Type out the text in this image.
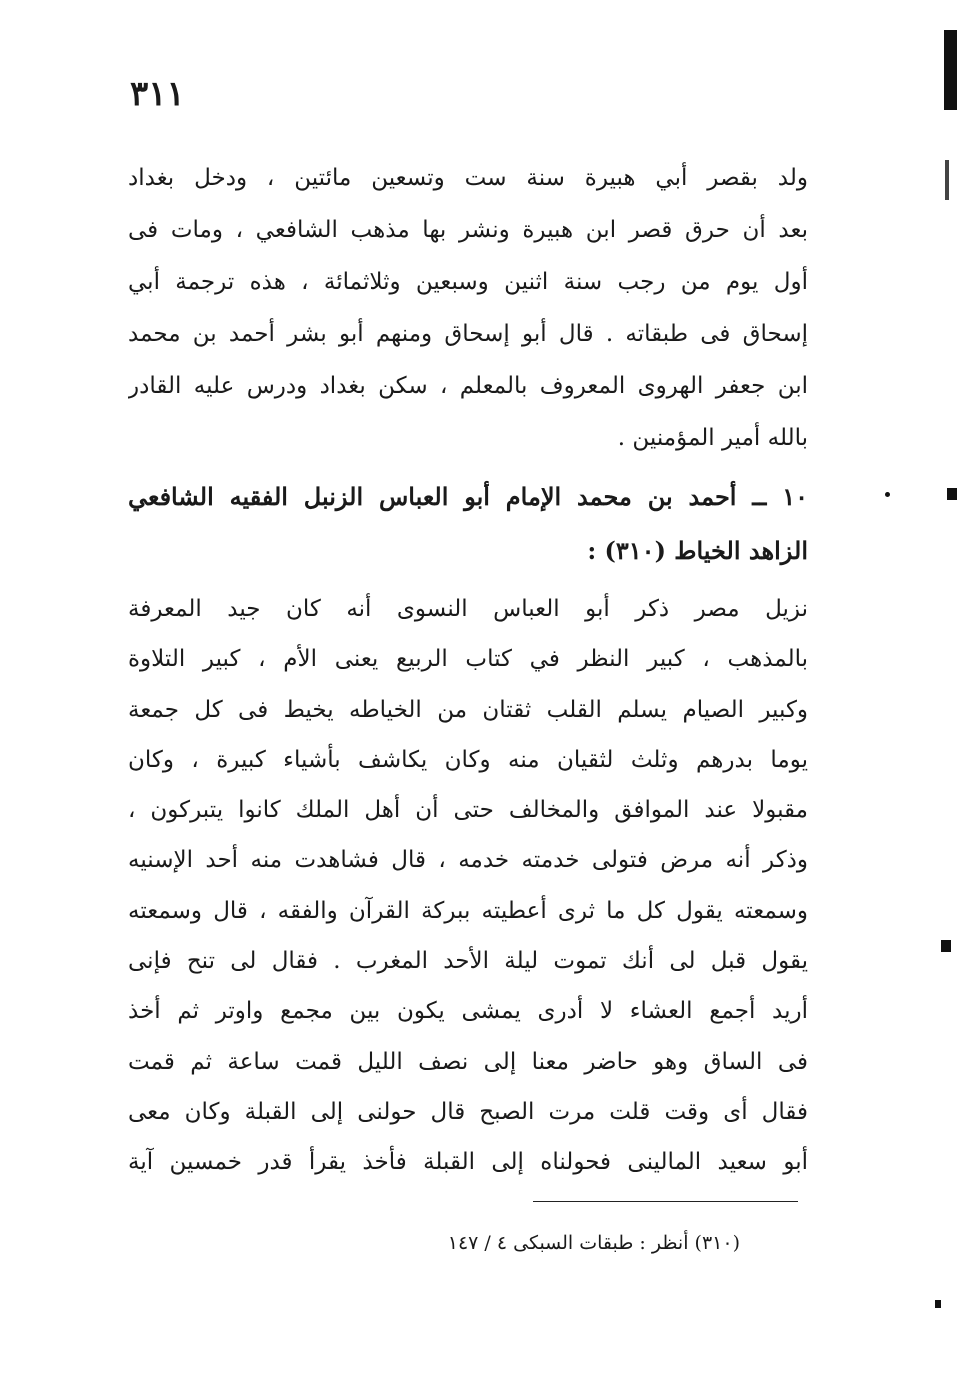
٣١١
ولد بقصر أبي هبيرة سنة ست وتسعين مائتين ، ودخل بغداد
بعد أن حرق قصر ابن هبيرة ونشر بها مذهب الشافعي ، ومات فى
أول يوم من رجب سنة اثنين وسبعين وثلاثمائة ، هذه ترجمة أبي
إسحاق فى طبقاته . قال أبو إسحاق ومنهم أبو بشر أحمد بن محمد
ابن جعفر الهروى المعروف بالمعلم ، سكن بغداد ودرس عليه القادر
بالله أمير المؤمنين .
١٠ ــ أحمد بن محمد الإمام أبو العباس الزنبل الفقيه الشافعي
الزاهد الخياط (٣١٠) :
نزيل مصر ذكر أبو العباس النسوى أنه كان جيد المعرفة
بالمذهب ، كبير النظر في كتاب الربيع يعنى الأم ، كبير التلاوة
وكبير الصيام يسلم القلب ثقتان من الخياطه يخيط فى كل جمعة
يوما بدرهم وثلث لثقيان منه وكان يكاشف بأشياء كبيرة ، وكان
مقبولا عند الموافق والمخالف حتى أن أهل الملك كانوا يتبركون ،
وذكر أنه مرض فتولى خدمته خدمه ، قال فشاهدت منه أحد الإسنيه
وسمعته يقول كل ما ثرى أعطيته ببركة القرآن والفقه ، قال وسمعته
يقول قبل لى أنك تموت ليلة الأحد المغرب . فقال لى تنح فإنى
أريد أجمع العشاء لا أدرى يمشى يكون بين مجمع واوتر ثم أخذ
فى الساق وهو حاضر معنا إلى نصف الليل قمت ساعة ثم قمت
فقال أى وقت قلت مرت الصبح قال حولنى إلى القبلة وكان معى
أبو سعيد المالينى فحولناه إلى القبلة فأخذ يقرأ قدر خمسين آية
(٣١٠) أنظر : طبقات السبكى ٤ / ١٤٧
